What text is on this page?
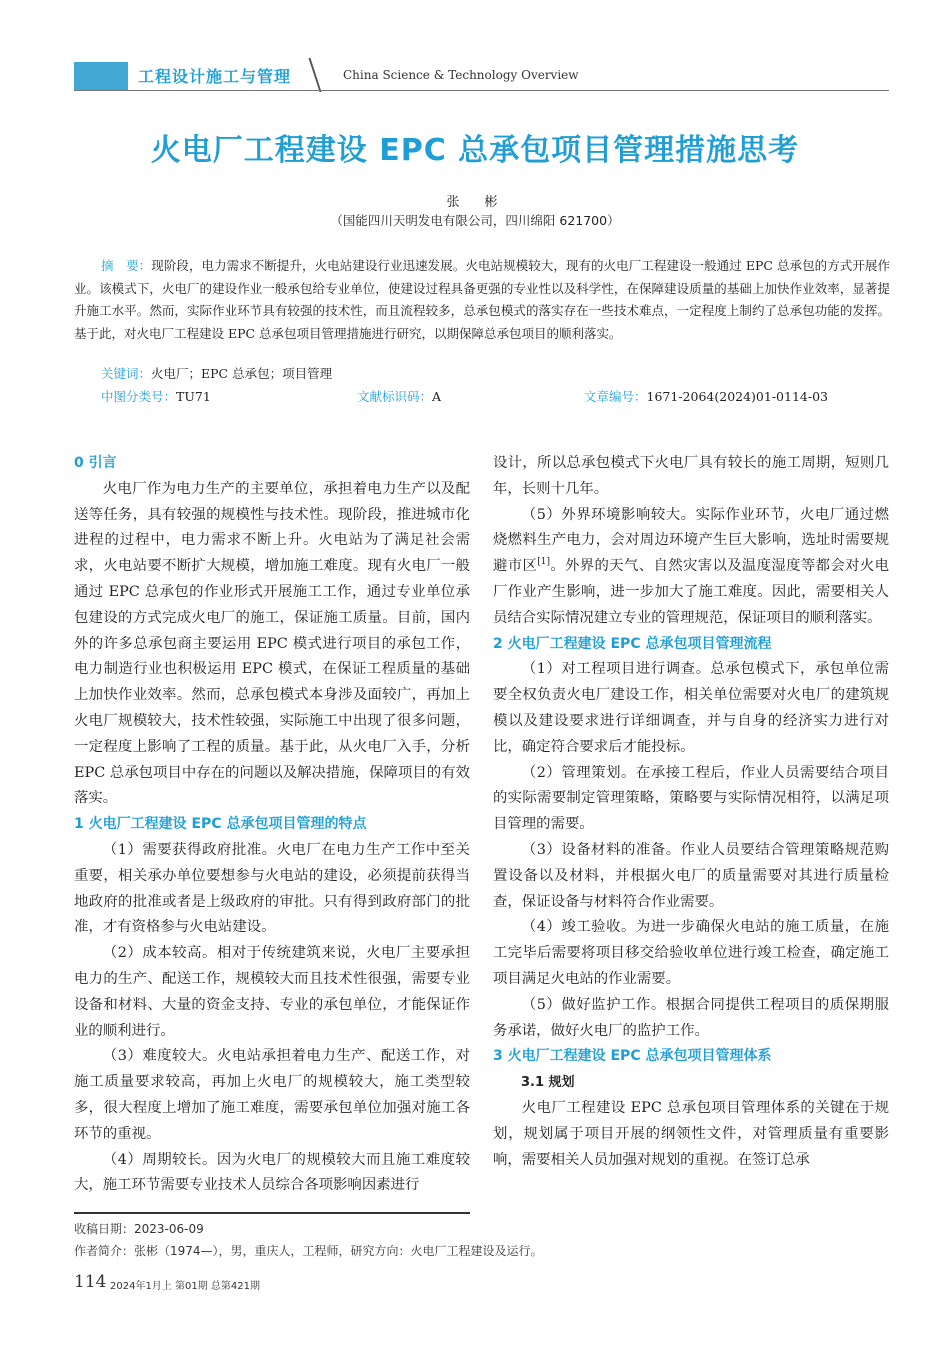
工程设计施工与管理	China Science & Technology Overview
火电厂工程建设 EPC 总承包项目管理措施思考
张　彬
（国能四川天明发电有限公司，四川绵阳 621700）
摘　要：现阶段，电力需求不断提升，火电站建设行业迅速发展。火电站规模较大，现有的火电厂工程建设一般通过 EPC 总承包的方式开展作业。该模式下，火电厂的建设作业一般承包给专业单位，使建设过程具备更强的专业性以及科学性，在保障建设质量的基础上加快作业效率，显著提升施工水平。然而，实际作业环节具有较强的技术性，而且流程较多，总承包模式的落实存在一些技术难点，一定程度上制约了总承包功能的发挥。基于此，对火电厂工程建设 EPC 总承包项目管理措施进行研究，以期保障总承包项目的顺利落实。
关键词：火电厂；EPC 总承包；项目管理
中图分类号：TU71	文献标识码：A	文章编号：1671-2064(2024)01-0114-03
0 引言

火电厂作为电力生产的主要单位，承担着电力生产以及配送等任务，具有较强的规模性与技术性。现阶段，推进城市化进程的过程中，电力需求不断上升。火电站为了满足社会需求，火电站要不断扩大规模，增加施工难度。现有火电厂一般通过 EPC 总承包的作业形式开展施工工作，通过专业单位承包建设的方式完成火电厂的施工，保证施工质量。目前，国内外的许多总承包商主要运用 EPC 模式进行项目的承包工作，电力制造行业也积极运用 EPC 模式，在保证工程质量的基础上加快作业效率。然而，总承包模式本身涉及面较广，再加上火电厂规模较大，技术性较强，实际施工中出现了很多问题，一定程度上影响了工程的质量。基于此，从火电厂入手，分析 EPC 总承包项目中存在的问题以及解决措施，保障项目的有效落实。

1 火电厂工程建设 EPC 总承包项目管理的特点

（1）需要获得政府批准。火电厂在电力生产工作中至关重要，相关承办单位要想参与火电站的建设，必须提前获得当地政府的批准或者是上级政府的审批。只有得到政府部门的批准，才有资格参与火电站建设。

（2）成本较高。相对于传统建筑来说，火电厂主要承担电力的生产、配送工作，规模较大而且技术性很强，需要专业设备和材料、大量的资金支持、专业的承包单位，才能保证作业的顺利进行。

（3）难度较大。火电站承担着电力生产、配送工作，对施工质量要求较高，再加上火电厂的规模较大，施工类型较多，很大程度上增加了施工难度，需要承包单位加强对施工各环节的重视。

（4）周期较长。因为火电厂的规模较大而且施工难度较大，施工环节需要专业技术人员综合各项影响因素进行

设计，所以总承包模式下火电厂具有较长的施工周期，短则几年，长则十几年。

（5）外界环境影响较大。实际作业环节，火电厂通过燃烧燃料生产电力，会对周边环境产生巨大影响，选址时需要规避市区[1]。外界的天气、自然灾害以及温度湿度等都会对火电厂作业产生影响，进一步加大了施工难度。因此，需要相关人员结合实际情况建立专业的管理规范，保证项目的顺利落实。

2 火电厂工程建设 EPC 总承包项目管理流程

（1）对工程项目进行调查。总承包模式下，承包单位需要全权负责火电厂建设工作，相关单位需要对火电厂的建筑规模以及建设要求进行详细调查，并与自身的经济实力进行对比，确定符合要求后才能投标。

（2）管理策划。在承接工程后，作业人员需要结合项目的实际需要制定管理策略，策略要与实际情况相符，以满足项目管理的需要。

（3）设备材料的准备。作业人员要结合管理策略规范购置设备以及材料，并根据火电厂的质量需要对其进行质量检查，保证设备与材料符合作业需要。

（4）竣工验收。为进一步确保火电站的施工质量，在施工完毕后需要将项目移交给验收单位进行竣工检查，确定施工项目满足火电站的作业需要。

（5）做好监护工作。根据合同提供工程项目的质保期服务承诺，做好火电厂的监护工作。

3 火电厂工程建设 EPC 总承包项目管理体系
3.1 规划

火电厂工程建设 EPC 总承包项目管理体系的关键在于规划，规划属于项目开展的纲领性文件，对管理质量有重要影响，需要相关人员加强对规划的重视。在签订总承

收稿日期：2023-06-09
作者简介：张彬（1974—），男，重庆人，工程师，研究方向：火电厂工程建设及运行。
114 2024年1月上 第01期 总第421期
